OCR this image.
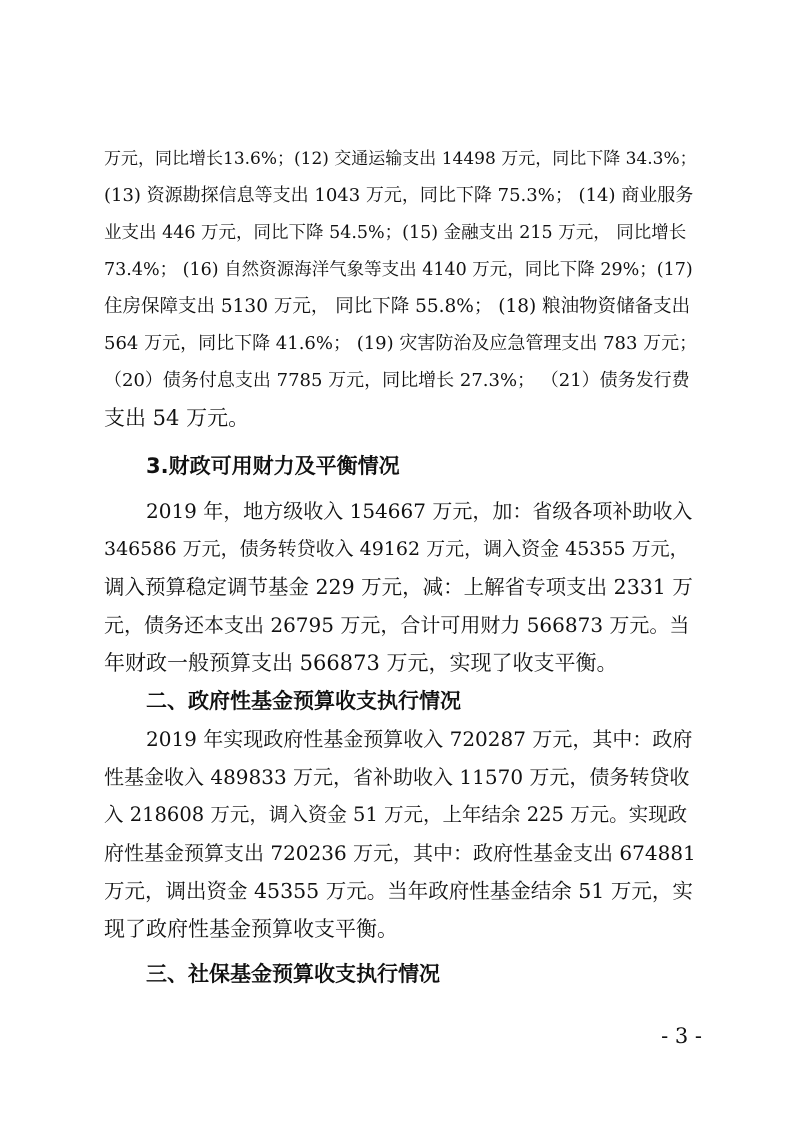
万元，同比增长13.6%；(12) 交通运输支出 14498 万元，同比下降 34.3%；
(13) 资源勘探信息等支出 1043 万元，同比下降 75.3%； (14) 商业服务
业支出 446 万元，同比下降 54.5%；(15) 金融支出 215 万元， 同比增长
73.4%； (16) 自然资源海洋气象等支出 4140 万元，同比下降 29%；(17)
住房保障支出 5130 万元， 同比下降 55.8%； (18) 粮油物资储备支出
564 万元，同比下降 41.6%； (19) 灾害防治及应急管理支出 783 万元；
（20）债务付息支出 7785 万元，同比增长 27.3%； （21）债务发行费
支出 54 万元。
3.财政可用财力及平衡情况
2019 年，地方级收入 154667 万元，加：省级各项补助收入
346586 万元，债务转贷收入 49162 万元，调入资金 45355 万元，
调入预算稳定调节基金 229 万元，减：上解省专项支出 2331 万
元，债务还本支出 26795 万元，合计可用财力 566873 万元。当
年财政一般预算支出 566873 万元，实现了收支平衡。
二、政府性基金预算收支执行情况
2019 年实现政府性基金预算收入 720287 万元，其中：政府
性基金收入 489833 万元，省补助收入 11570 万元，债务转贷收
入 218608 万元，调入资金 51 万元，上年结余 225 万元。实现政
府性基金预算支出 720236 万元，其中：政府性基金支出 674881
万元，调出资金 45355 万元。当年政府性基金结余 51 万元，实
现了政府性基金预算收支平衡。
三、社保基金预算收支执行情况
- 3 -
